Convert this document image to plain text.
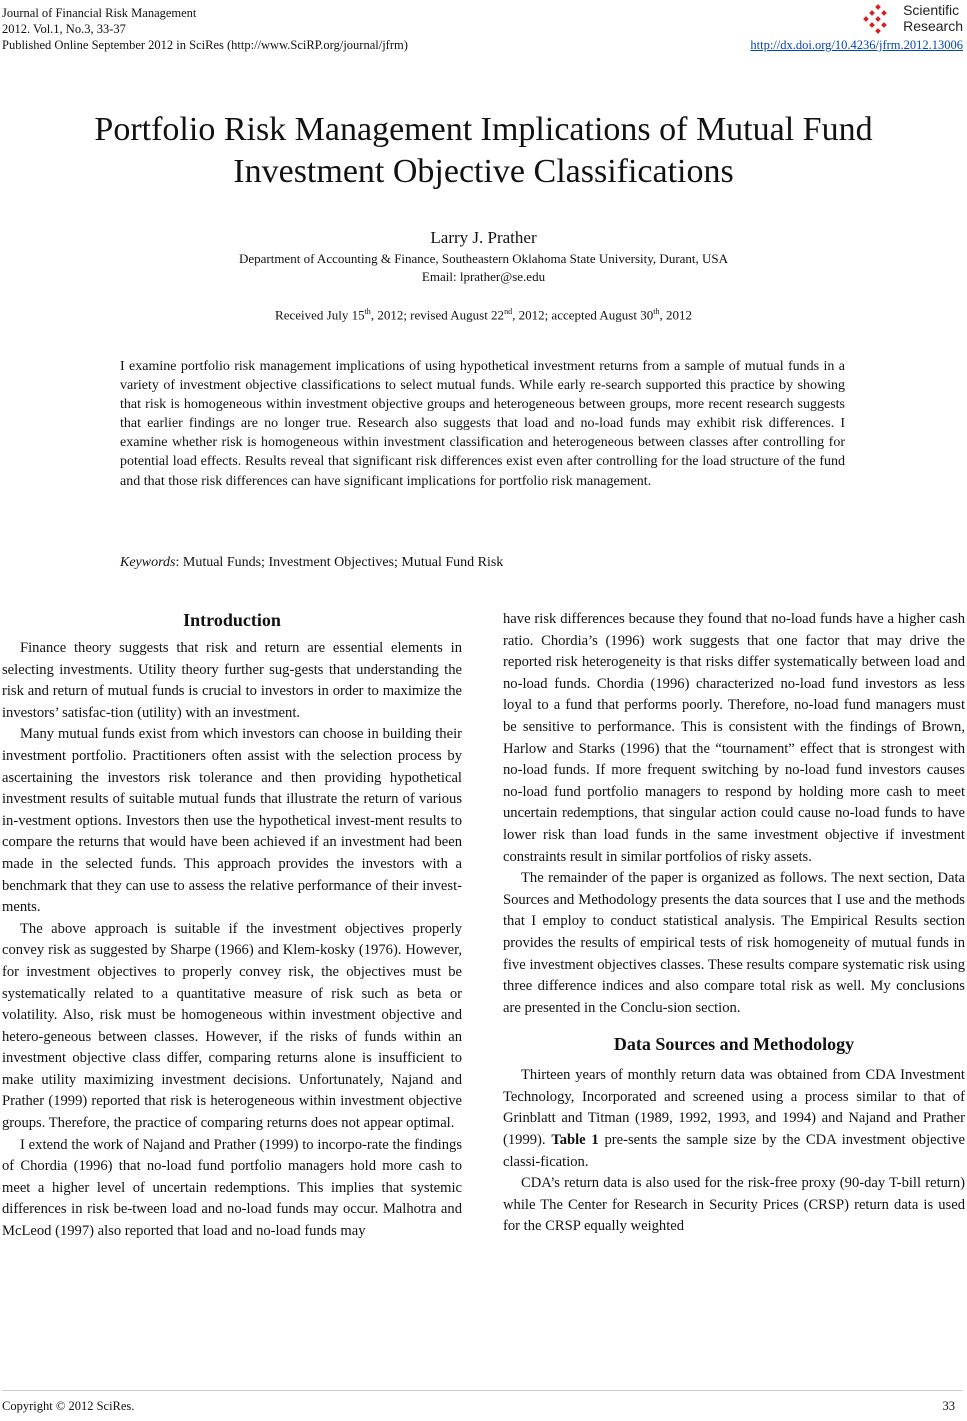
Journal of Financial Risk Management
2012. Vol.1, No.3, 33-37
Published Online September 2012 in SciRes (http://www.SciRP.org/journal/jfrm)	http://dx.doi.org/10.4236/jfrm.2012.13006
Scientific
Research
Portfolio Risk Management Implications of Mutual Fund
Investment Objective Classifications
Larry J. Prather
Department of Accounting & Finance, Southeastern Oklahoma State University, Durant, USA
Email: lprather@se.edu
Received July 15th, 2012; revised August 22nd, 2012; accepted August 30th, 2012
I examine portfolio risk management implications of using hypothetical investment returns from a sample of mutual funds in a variety of investment objective classifications to select mutual funds. While early re-search supported this practice by showing that risk is homogeneous within investment objective groups and heterogeneous between groups, more recent research suggests that earlier findings are no longer true. Research also suggests that load and no-load funds may exhibit risk differences. I examine whether risk is homogeneous within investment classification and heterogeneous between classes after controlling for potential load effects. Results reveal that significant risk differences exist even after controlling for the load structure of the fund and that those risk differences can have significant implications for portfolio risk management.
Keywords: Mutual Funds; Investment Objectives; Mutual Fund Risk
Introduction

Finance theory suggests that risk and return are essential elements in selecting investments. Utility theory further sug-gests that understanding the risk and return of mutual funds is crucial to investors in order to maximize the investors’ satisfac-tion (utility) with an investment.

Many mutual funds exist from which investors can choose in building their investment portfolio. Practitioners often assist with the selection process by ascertaining the investors risk tolerance and then providing hypothetical investment results of suitable mutual funds that illustrate the return of various in-vestment options. Investors then use the hypothetical invest-ment results to compare the returns that would have been achieved if an investment had been made in the selected funds. This approach provides the investors with a benchmark that they can use to assess the relative performance of their invest-ments.

The above approach is suitable if the investment objectives properly convey risk as suggested by Sharpe (1966) and Klem-kosky (1976). However, for investment objectives to properly convey risk, the objectives must be systematically related to a quantitative measure of risk such as beta or volatility. Also, risk must be homogeneous within investment objective and hetero-geneous between classes. However, if the risks of funds within an investment objective class differ, comparing returns alone is insufficient to make utility maximizing investment decisions. Unfortunately, Najand and Prather (1999) reported that risk is heterogeneous within investment objective groups. Therefore, the practice of comparing returns does not appear optimal.

I extend the work of Najand and Prather (1999) to incorpo-rate the findings of Chordia (1996) that no-load fund portfolio managers hold more cash to meet a higher level of uncertain redemptions. This implies that systemic differences in risk be-tween load and no-load funds may occur. Malhotra and McLeod (1997) also reported that load and no-load funds may

have risk differences because they found that no-load funds have a higher cash ratio. Chordia’s (1996) work suggests that one factor that may drive the reported risk heterogeneity is that risks differ systematically between load and no-load funds. Chordia (1996) characterized no-load fund investors as less loyal to a fund that performs poorly. Therefore, no-load fund managers must be sensitive to performance. This is consistent with the findings of Brown, Harlow and Starks (1996) that the “tournament” effect that is strongest with no-load funds. If more frequent switching by no-load fund investors causes no-load fund portfolio managers to respond by holding more cash to meet uncertain redemptions, that singular action could cause no-load funds to have lower risk than load funds in the same investment objective if investment constraints result in similar portfolios of risky assets.

The remainder of the paper is organized as follows. The next section, Data Sources and Methodology presents the data sources that I use and the methods that I employ to conduct statistical analysis. The Empirical Results section provides the results of empirical tests of risk homogeneity of mutual funds in five investment objectives classes. These results compare systematic risk using three difference indices and also compare total risk as well. My conclusions are presented in the Conclu-sion section.

Data Sources and Methodology

Thirteen years of monthly return data was obtained from CDA Investment Technology, Incorporated and screened using a process similar to that of Grinblatt and Titman (1989, 1992, 1993, and 1994) and Najand and Prather (1999). Table 1 pre-sents the sample size by the CDA investment objective classi-fication.

CDA’s return data is also used for the risk-free proxy (90-day T-bill return) while The Center for Research in Security Prices (CRSP) return data is used for the CRSP equally weighted

Copyright © 2012 SciRes.	33
